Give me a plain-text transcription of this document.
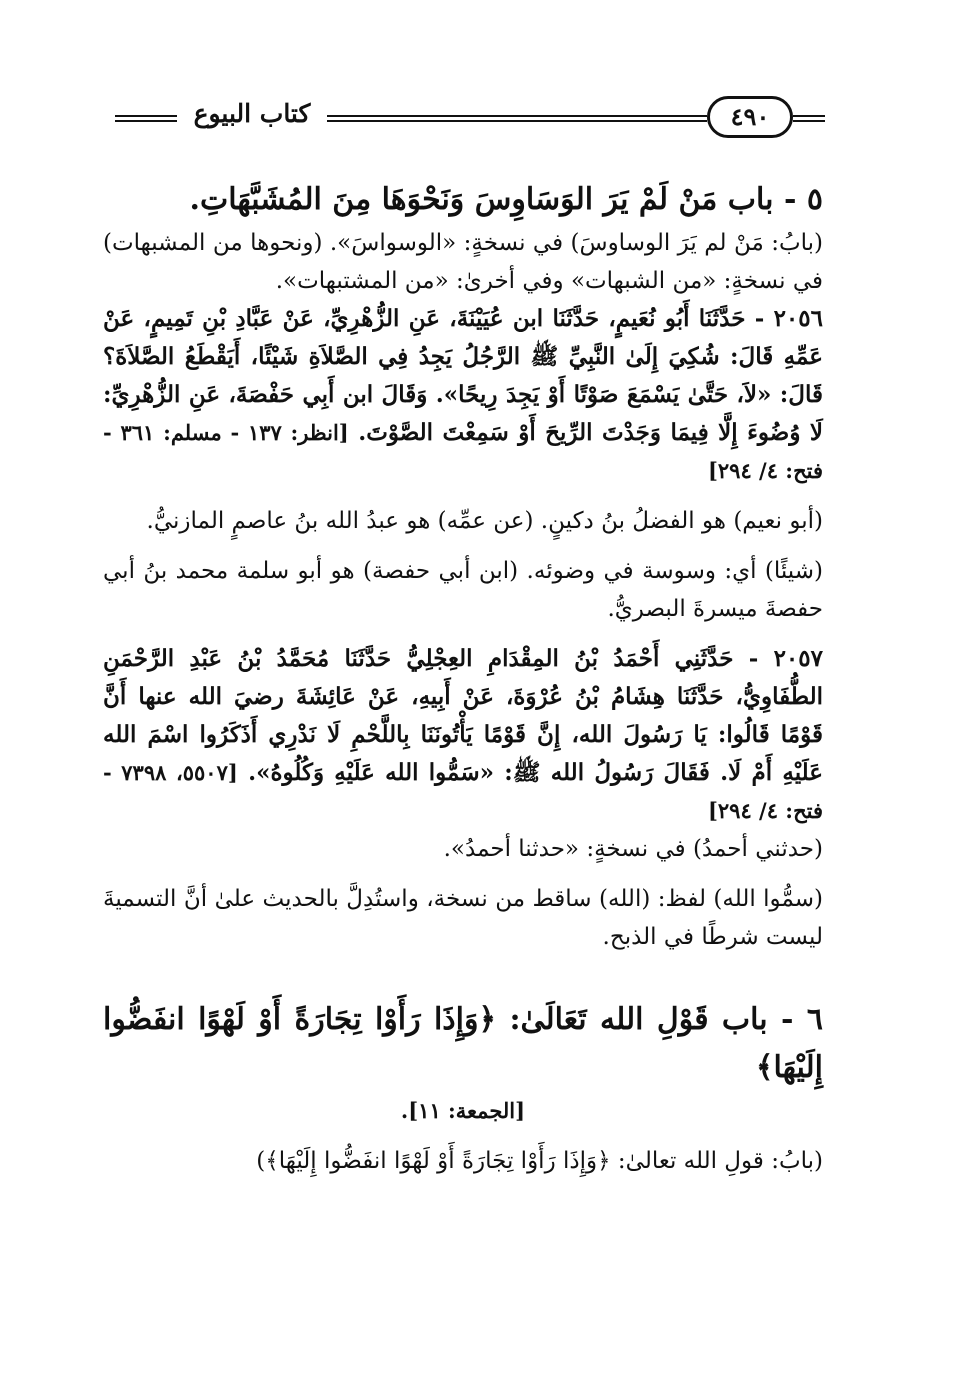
كتاب البيوع	٤٩٠

٥ - باب مَنْ لَمْ يَرَ الوَسَاوِسَ وَنَحْوَهَا مِنَ المُشَبَّهَاتِ.

(بابُ: مَنْ لم يَرَ الوساوسَ) في نسخةٍ: «الوسواسَ». (ونحوها من المشبهات) في نسخةٍ: «من الشبهات» وفي أخرىٰ: «من المشتبهات».

٢٠٥٦ - حَدَّثَنَا أَبُو نُعَيمٍ، حَدَّثَنَا ابن عُيَيْنَةَ، عَنِ الزُّهْرِيِّ، عَنْ عَبَّادِ بْنِ تَمِيمٍ، عَنْ عَمِّهِ قَالَ: شُكِيَ إِلَىٰ النَّبِيِّ ﷺ الرَّجُلُ يَجِدُ فِي الصَّلاَةِ شَيْئًا، أَيَقْطَعُ الصَّلاَةَ؟ قَالَ: «لاَ، حَتَّىٰ يَسْمَعَ صَوْتًا أَوْ يَجِدَ رِيحًا». وَقَالَ ابن أَبِي حَفْصَةَ، عَنِ الزُّهْرِيِّ: لَا وُضُوءَ إِلَّا فِيمَا وَجَدْتَ الرِّيحَ أَوْ سَمِعْتَ الصَّوْتَ. [انظر: ١٣٧ - مسلم: ٣٦١ - فتح: ٤/ ٢٩٤]

(أبو نعيم) هو الفضلُ بنُ دكينٍ. (عن عمِّه) هو عبدُ الله بنُ عاصمٍ المازنيُّ.

(شيئًا) أي: وسوسة في وضوئه. (ابن أبي حفصة) هو أبو سلمة محمد بنُ أبي حفصةَ ميسرةَ البصريُّ.

٢٠٥٧ - حَدَّثَنِي أَحْمَدُ بْنُ المِقْدَامِ العِجْلِيُّ حَدَّثَنَا مُحَمَّدُ بْنُ عَبْدِ الرَّحْمَنِ الطُّفَاوِيُّ، حَدَّثَنَا هِشَامُ بْنُ عُرْوَةَ، عَنْ أَبِيهِ، عَنْ عَائِشَةَ رضيَ الله عنها أَنَّ قَوْمًا قَالُوا: يَا رَسُولَ الله، إِنَّ قَوْمًا يَأْتُونَنَا بِاللَّحْمِ لَا نَدْرِي أَذَكَرُوا اسْمَ الله عَلَيْهِ أَمْ لَا. فَقَالَ رَسُولُ الله ﷺ: «سَمُّوا الله عَلَيْهِ وَكُلُوهُ». [٥٥٠٧، ٧٣٩٨ - فتح: ٤/ ٢٩٤]

(حدثني أحمدُ) في نسخةٍ: «حدثنا أحمدُ».

(سمُّوا الله) لفظ: (الله) ساقط من نسخة، واستُدِلَّ بالحديث علىٰ أنَّ التسميةَ ليست شرطًا في الذبح.

٦ - باب قَوْلِ الله تَعَالَىٰ: ﴿وَإِذَا رَأَوْا تِجَارَةً أَوْ لَهْوًا انفَضُّوا إِلَيْهَا﴾

[الجمعة: ١١].

(بابُ: قولِ الله تعالىٰ: ﴿وَإِذَا رَأَوْا تِجَارَةً أَوْ لَهْوًا انفَضُّوا إِلَيْهَا﴾)
